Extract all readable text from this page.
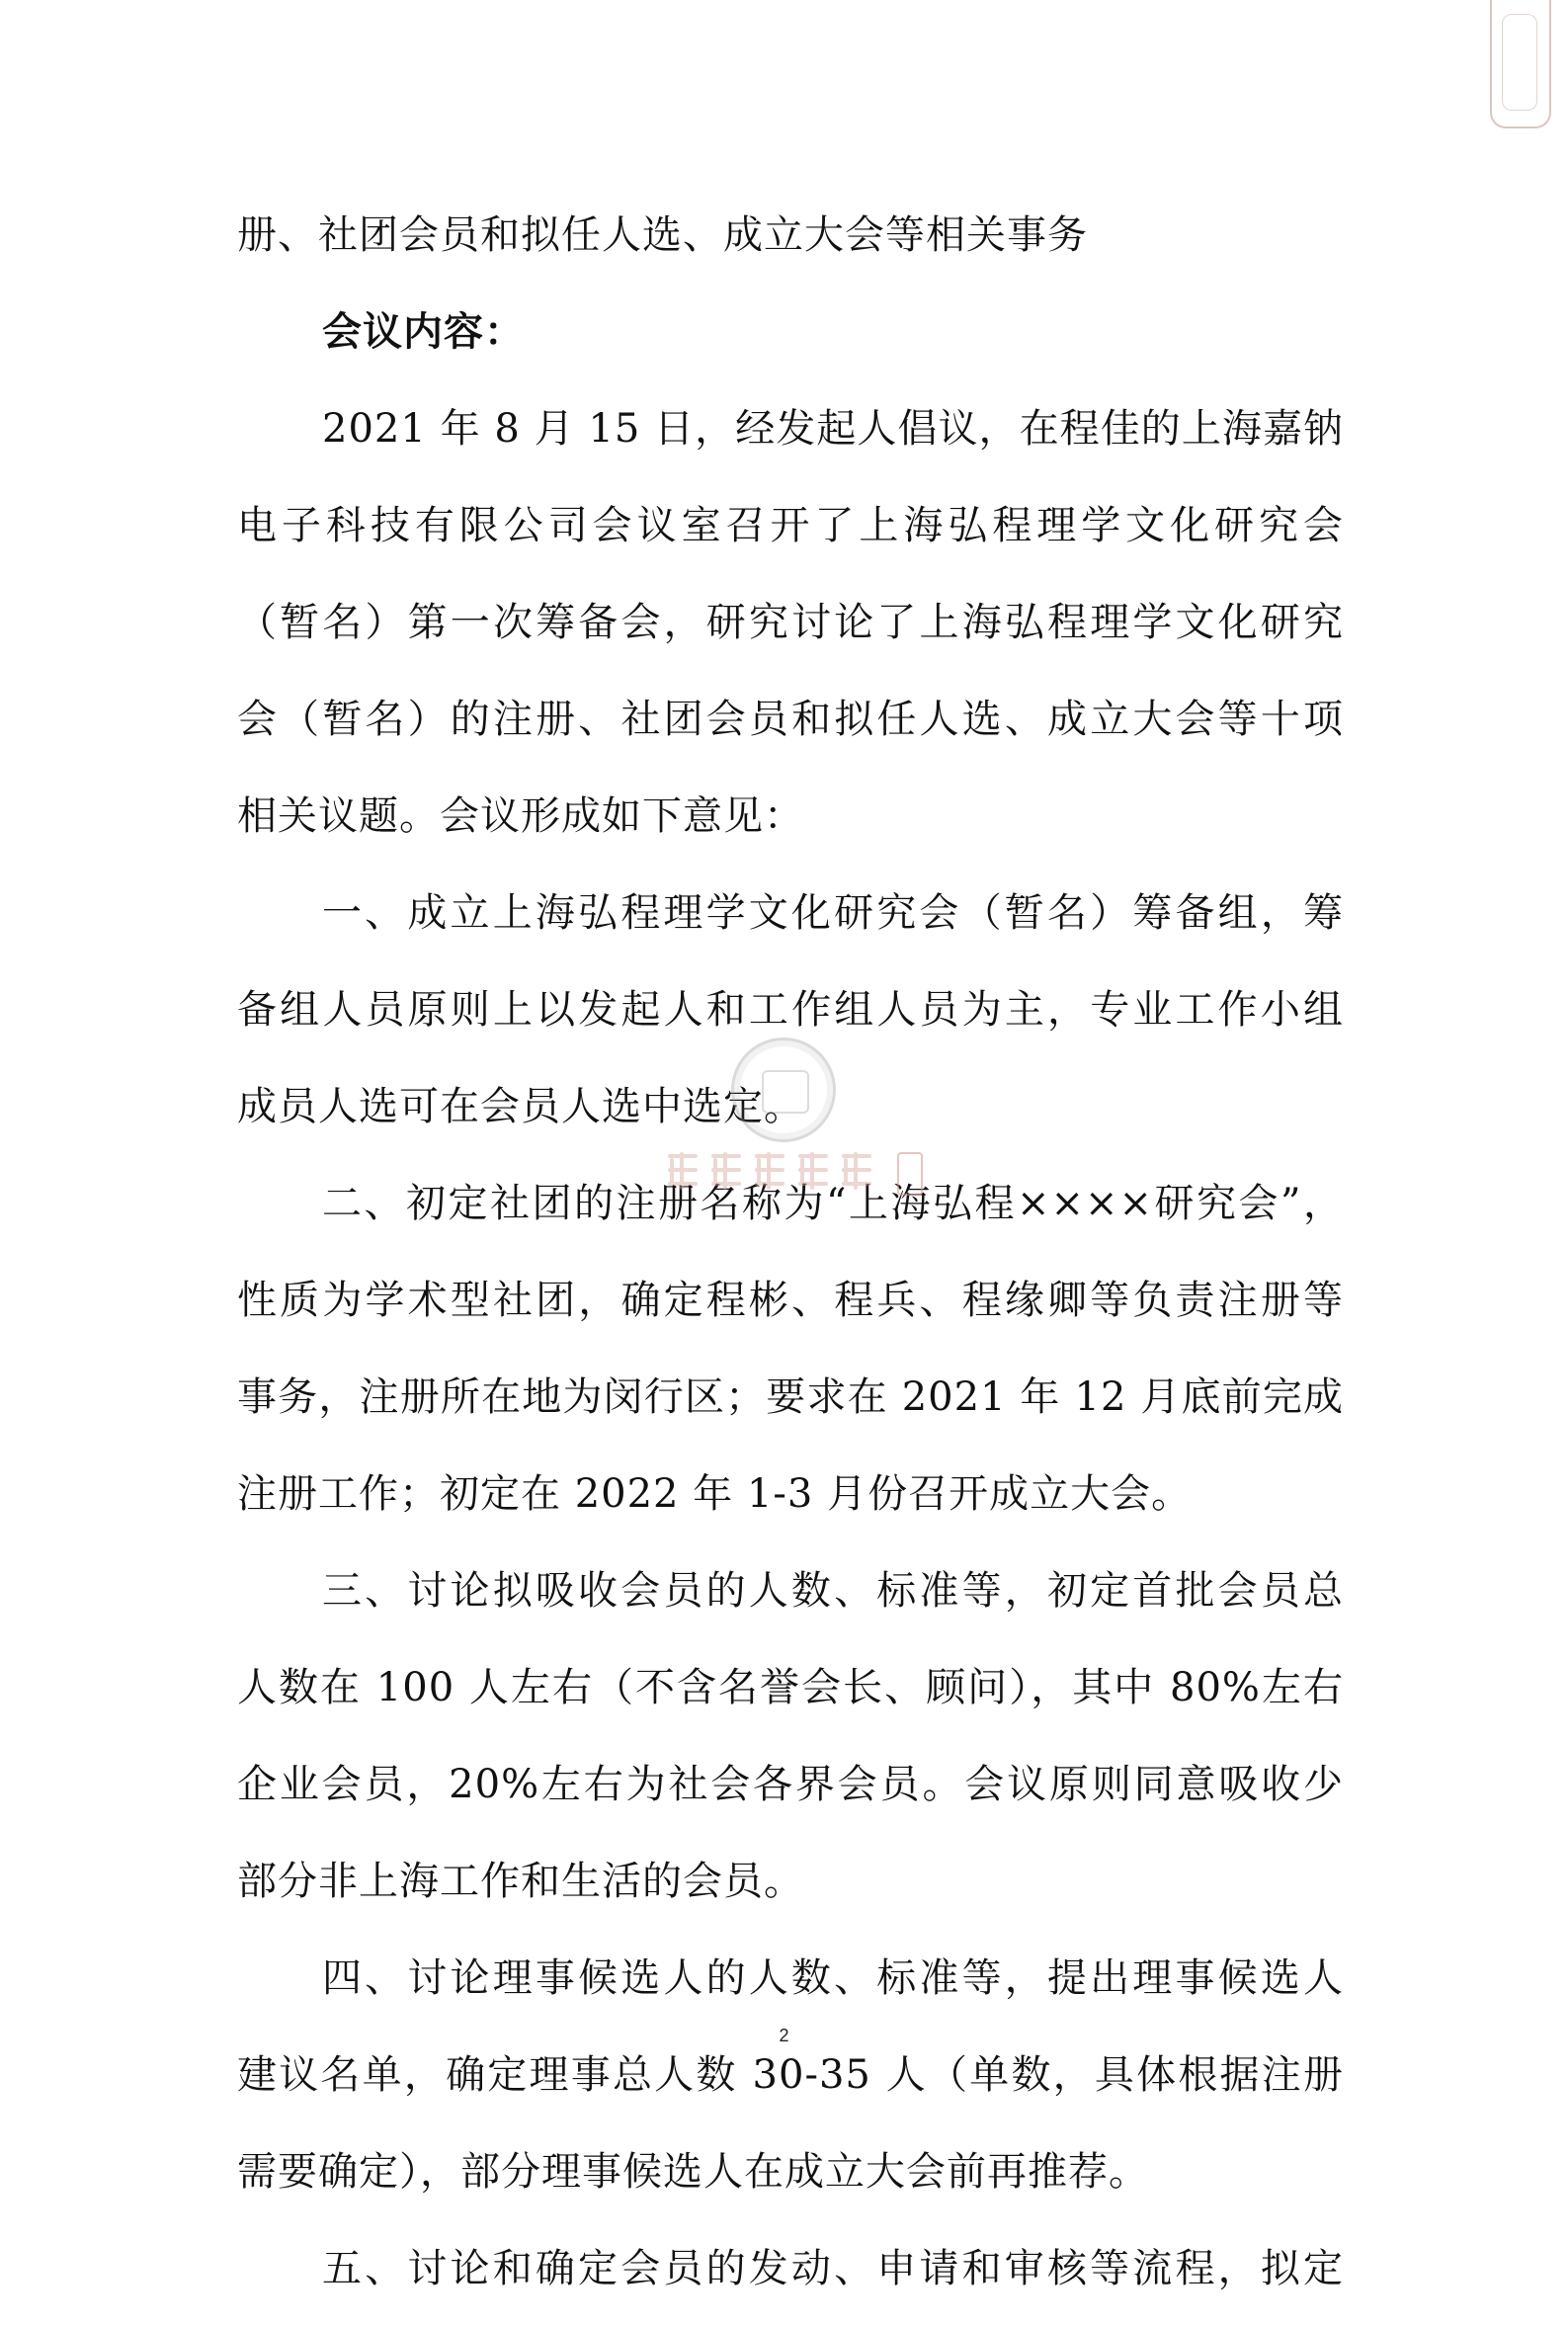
册、社团会员和拟任人选、成立大会等相关事务
会议内容：
2021 年 8 月 15 日，经发起人倡议，在程佳的上海嘉钠
电子科技有限公司会议室召开了上海弘程理学文化研究会
（暂名）第一次筹备会，研究讨论了上海弘程理学文化研究
会（暂名）的注册、社团会员和拟任人选、成立大会等十项
相关议题。会议形成如下意见：
一、成立上海弘程理学文化研究会（暂名）筹备组，筹
备组人员原则上以发起人和工作组人员为主，专业工作小组
成员人选可在会员人选中选定。
二、初定社团的注册名称为“上海弘程××××研究会”，
性质为学术型社团，确定程彬、程兵、程缘卿等负责注册等
事务，注册所在地为闵行区；要求在 2021 年 12 月底前完成
注册工作；初定在 2022 年 1-3 月份召开成立大会。
三、讨论拟吸收会员的人数、标准等，初定首批会员总
人数在 100 人左右（不含名誉会长、顾问），其中 80%左右
企业会员，20%左右为社会各界会员。会议原则同意吸收少
部分非上海工作和生活的会员。
四、讨论理事候选人的人数、标准等，提出理事候选人
建议名单，确定理事总人数 30-35 人（单数，具体根据注册
需要确定），部分理事候选人在成立大会前再推荐。
五、讨论和确定会员的发动、申请和审核等流程，拟定
2
